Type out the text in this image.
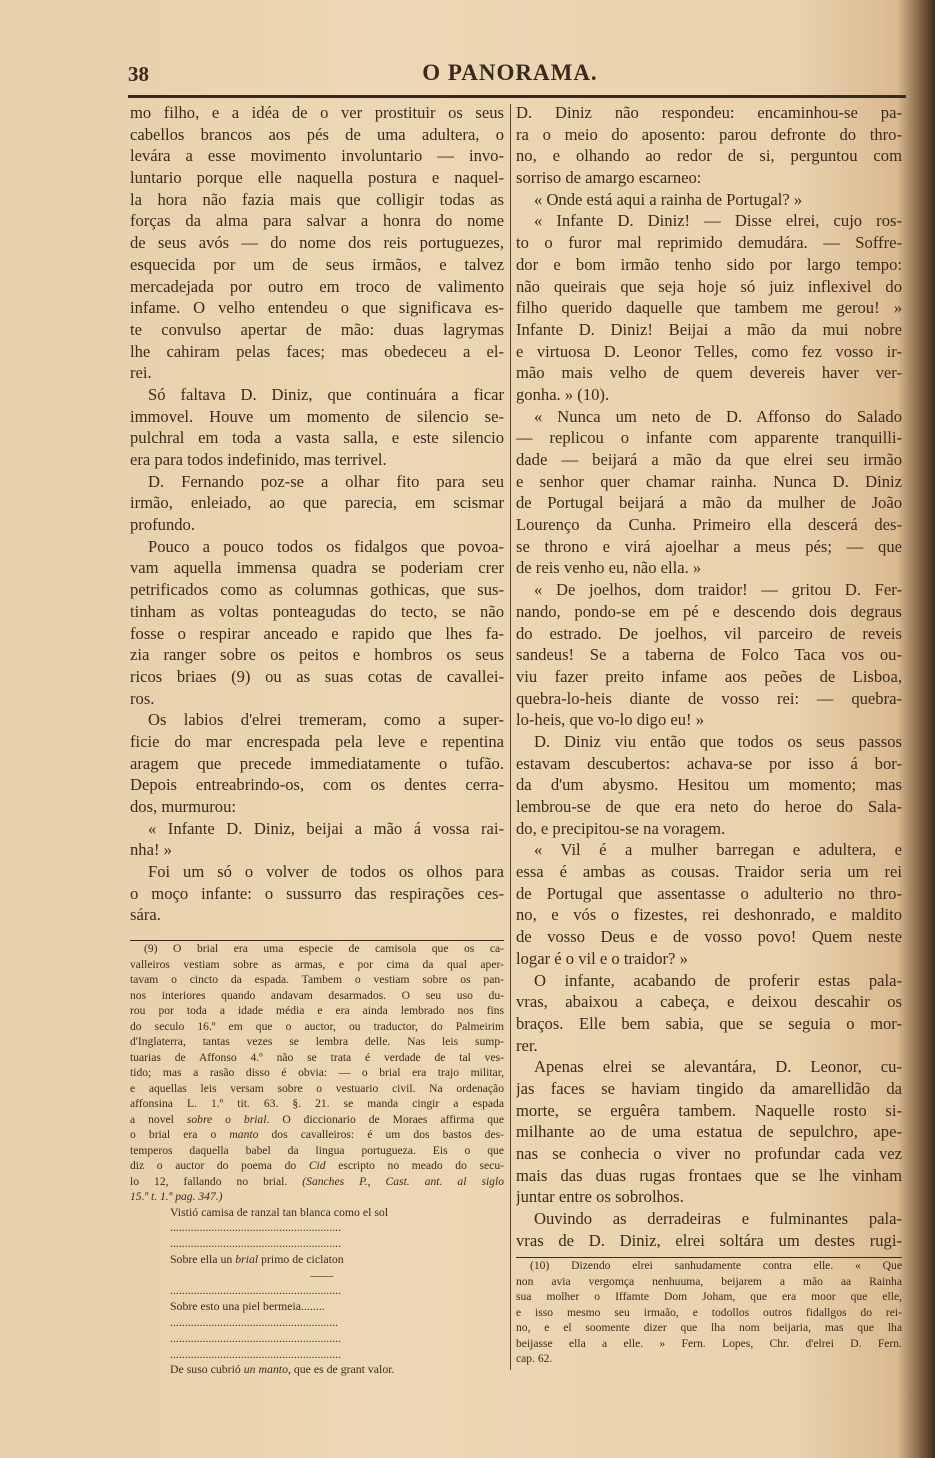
38	O PANORAMA.
mo filho, e a idéa de o ver prostituir os seus
cabellos brancos aos pés de uma adultera, o
levára a esse movimento involuntario — invo-
luntario porque elle naquella postura e naquel-
la hora não fazia mais que colligir todas as
forças da alma para salvar a honra do nome
de seus avós — do nome dos reis portuguezes,
esquecida por um de seus irmãos, e talvez
mercadejada por outro em troco de valimento
infame. O velho entendeu o que significava es-
te convulso apertar de mão: duas lagrymas
lhe cahiram pelas faces; mas obedeceu a el-
rei.
Só faltava D. Diniz, que continuára a ficar
immovel. Houve um momento de silencio se-
pulchral em toda a vasta salla, e este silencio
era para todos indefinido, mas terrivel.
D. Fernando poz-se a olhar fito para seu
irmão, enleiado, ao que parecia, em scismar
profundo.
Pouco a pouco todos os fidalgos que povoa-
vam aquella immensa quadra se poderiam crer
petrificados como as columnas gothicas, que sus-
tinham as voltas ponteagudas do tecto, se não
fosse o respirar anceado e rapido que lhes fa-
zia ranger sobre os peitos e hombros os seus
ricos briaes (9) ou as suas cotas de cavallei-
ros.
Os labios d'elrei tremeram, como a super-
ficie do mar encrespada pela leve e repentina
aragem que precede immediatamente o tufão.
Depois entreabrindo-os, com os dentes cerra-
dos, murmurou:
« Infante D. Diniz, beijai a mão á vossa rai-
nha! »
Foi um só o volver de todos os olhos para
o moço infante: o sussurro das respirações ces-
sára.
D. Diniz não respondeu: encaminhou-se pa-
ra o meio do aposento: parou defronte do thro-
no, e olhando ao redor de si, perguntou com
sorriso de amargo escarneo:
« Onde está aqui a rainha de Portugal? »
« Infante D. Diniz! — Disse elrei, cujo ros-
to o furor mal reprimido demudára. — Soffre-
dor e bom irmão tenho sido por largo tempo:
não queirais que seja hoje só juiz inflexivel do
filho querido daquelle que tambem me gerou! »
Infante D. Diniz! Beijai a mão da mui nobre
e virtuosa D. Leonor Telles, como fez vosso ir-
mão mais velho de quem devereis haver ver-
gonha. » (10).
« Nunca um neto de D. Affonso do Salado
— replicou o infante com apparente tranquilli-
dade — beijará a mão da que elrei seu irmão
e senhor quer chamar rainha. Nunca D. Diniz
de Portugal beijará a mão da mulher de João
Lourenço da Cunha. Primeiro ella descerá des-
se throno e virá ajoelhar a meus pés; — que
de reis venho eu, não ella. »
« De joelhos, dom traidor! — gritou D. Fer-
nando, pondo-se em pé e descendo dois degraus
do estrado. De joelhos, vil parceiro de reveis
sandeus! Se a taberna de Folco Taca vos ou-
viu fazer preito infame aos peões de Lisboa,
quebra-lo-heis diante de vosso rei: — quebra-
lo-heis, que vo-lo digo eu! »
D. Diniz viu então que todos os seus passos
estavam descubertos: achava-se por isso á bor-
da d'um abysmo. Hesitou um momento; mas
lembrou-se de que era neto do heroe do Sala-
do, e precipitou-se na voragem.
« Vil é a mulher barregan e adultera, e
essa é ambas as cousas. Traidor seria um rei
de Portugal que assentasse o adulterio no thro-
no, e vós o fizestes, rei deshonrado, e maldito
de vosso Deus e de vosso povo! Quem neste
logar é o vil e o traidor? »
O infante, acabando de proferir estas pala-
vras, abaixou a cabeça, e deixou descahir os
braços. Elle bem sabia, que se seguia o mor-
rer.
Apenas elrei se alevantára, D. Leonor, cu-
jas faces se haviam tingido da amarellidão da
morte, se erguêra tambem. Naquelle rosto si-
milhante ao de uma estatua de sepulchro, ape-
nas se conhecia o viver no profundar cada vez
mais das duas rugas frontaes que se lhe vinham
juntar entre os sobrolhos.
Ouvindo as derradeiras e fulminantes pala-
vras de D. Diniz, elrei soltára um destes rugi-
(9) O brial era uma especie de camisola que os ca-
valleiros vestiam sobre as armas, e por cima da qual aper-
tavam o cincto da espada. Tambem o vestiam sobre os pan-
nos interiores quando andavam desarmados. O seu uso du-
rou por toda a idade média e era ainda lembrado nos fins
do seculo 16.º em que o auctor, ou traductor, do Palmeirim
d'Inglaterra, tantas vezes se lembra delle. Nas leis sump-
tuarias de Affonso 4.º não se trata é verdade de tal ves-
tido; mas a rasão disso é obvia: — o brial era trajo militar,
e aquellas leis versam sobre o vestuario civil. Na ordenação
affonsina L. 1.º tit. 63. §. 21. se manda cingir a espada
a novel sobre o brial. O diccionario de Moraes affirma que
o brial era o manto dos cavalleiros: é um dos bastos des-
temperos daquella babel da lingua portugueza. Eis o que
diz o auctor do poema do Cid escripto no meado do secu-
lo 12, fallando no brial. (Sanches P., Cast. ant. al siglo
15.º t. 1.º pag. 347.)
Vistió camisa de ranzal tan blanca como el sol
..........................................................
..........................................................
Sobre ella un brial primo de ciclaton
——
..........................................................
Sobre esto una piel bermeia........
.........................................................
..........................................................
..........................................................
De suso cubrió un manto, que es de grant valor.
(10) Dizendo elrei sanhudamente contra elle. « Que
non avia vergomça nenhuuma, beijarem a mão aa Rainha
sua molher o Iffamte Dom Joham, que era moor que elle,
e isso mesmo seu irmaão, e todollos outros fidallgos do rei-
no, e el soomente dizer que lha nom beijaria, mas que lha
beijasse ella a elle. » Fern. Lopes, Chr. d'elrei D. Fern.
cap. 62.
